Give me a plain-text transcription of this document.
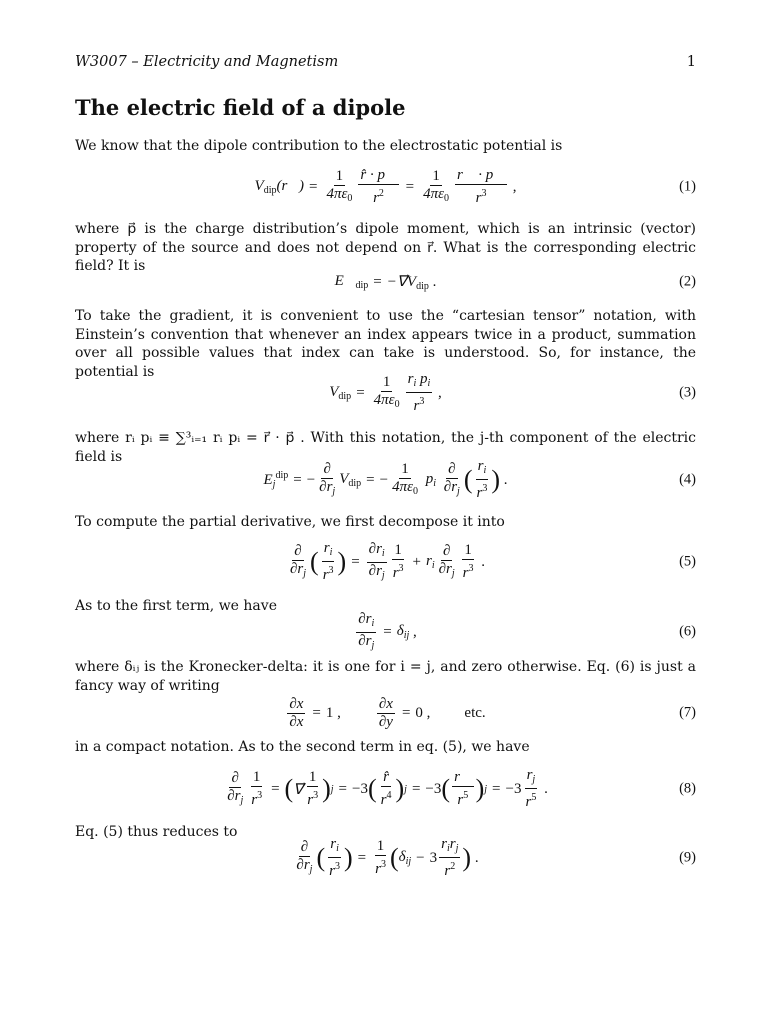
W3007 – Electricity and Magnetism	1
The electric field of a dipole
We know that the dipole contribution to the electrostatic potential is
$V_{dip}(r⃗) = \frac{1}{4\pi\varepsilon_0} \frac{r̂ \cdot p⃗}{r^2} = \frac{1}{4\pi\varepsilon_0} \frac{r⃗ \cdot p⃗}{r^3}$ ,	(1)
where p⃗ is the charge distribution’s dipole moment, which is an intrinsic (vector) property of the source and does not depend on r⃗. What is the corresponding electric field? It is
$E⃗_{dip}$ = $-\nabla⃗V_{dip}$ .	(2)
To take the gradient, it is convenient to use the “cartesian tensor” notation, with Einstein’s convention that whenever an index appears twice in a product, summation over all possible values that index can take is understood. So, for instance, the potential is
$V_{dip} = \frac{1}{4\pi\varepsilon_0} \frac{r_i p_i}{r^3}$ ,	(3)
where rᵢ pᵢ ≡ ∑³ᵢ₌₁ rᵢ pᵢ = r⃗ · p⃗ . With this notation, the j-th component of the electric field is
$E_j^{dip}$ = − $\frac{\partial}{\partial r_j} V_{dip}$ = − $\frac{1}{4\pi\varepsilon_0} p_i \frac{\partial}{\partial r_j}$ ( $\frac{r_i}{r^3}$ ) .	(4)
To compute the partial derivative, we first decompose it into
$\frac{\partial}{\partial r_j}$ ( $\frac{r_i}{r^3}$ ) = $\frac{\partial r_i}{\partial r_j} \frac{1}{r^3} + r_i \frac{\partial}{\partial r_j} \frac{1}{r^3}$ .	(5)
As to the first term, we have
$\frac{\partial r_i}{\partial r_j} = \delta_{ij}$ ,	(6)
where δᵢⱼ is the Kronecker-delta: it is one for i = j, and zero otherwise. Eq. (6) is just a fancy way of writing
$\frac{\partial x}{\partial x} = 1$ , $\frac{\partial x}{\partial y} = 0$ , etc.	(7)
in a compact notation. As to the second term in eq. (5), we have
$\frac{\partial}{\partial r_j} \frac{1}{r^3}$ = ( ∇⃗ $\frac{1}{r^3}$ ) j = −3 ( $\frac{r̂}{r^4}$ ) j = −3 ( $\frac{r⃗}{r^5}$ ) $j = -3 \frac{r_j}{r^5}$ .	(8)
Eq. (5) thus reduces to
$\frac{\partial}{\partial r_j}$ ( $\frac{r_i}{r^3}$ ) = $\frac{1}{r^3}$ ( $\delta_{ij} - 3 \frac{r_ir_j}{r^2}$ ) .	(9)
